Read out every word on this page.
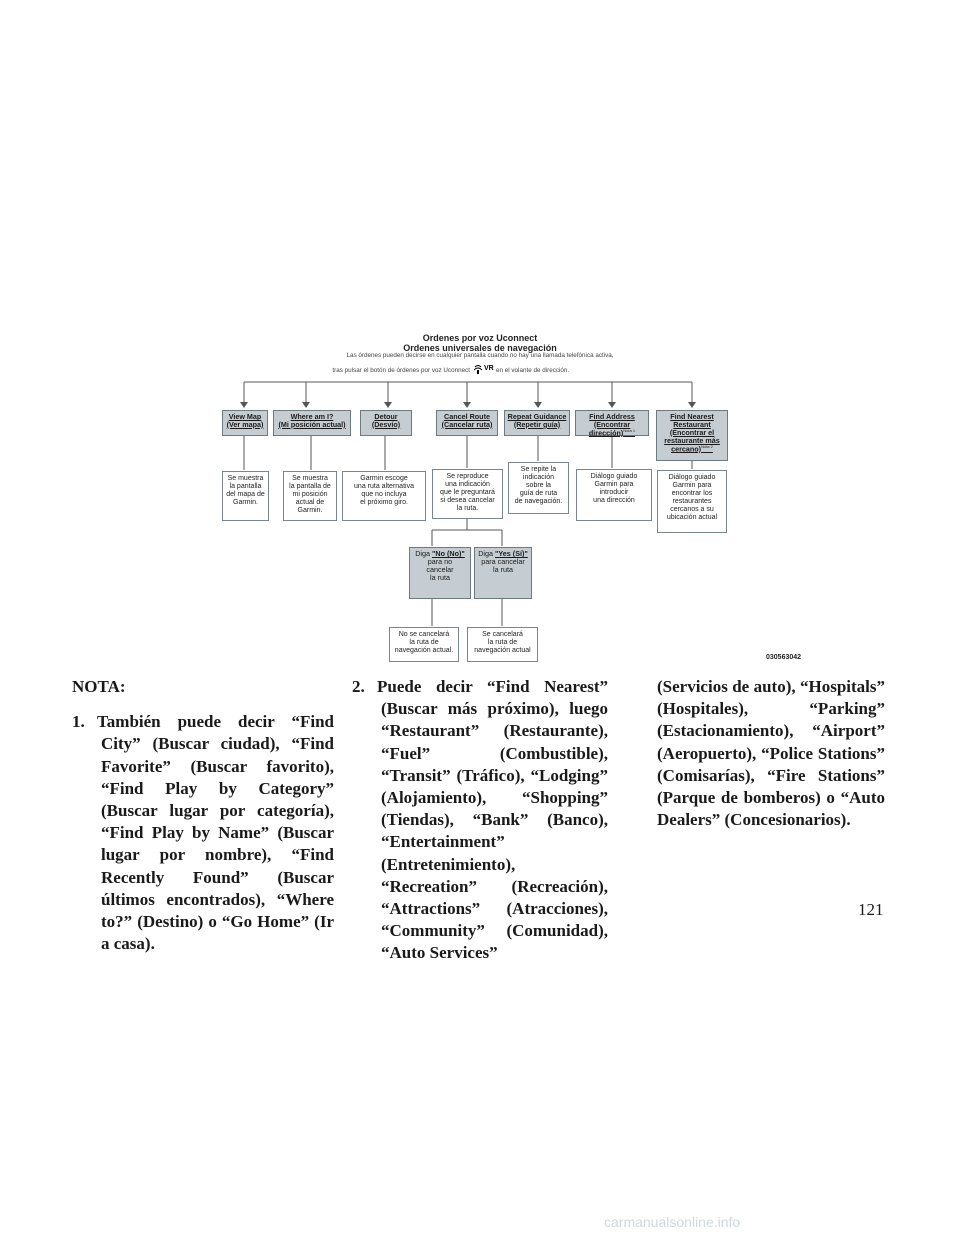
Ordenes por voz Uconnect
Ordenes universales de navegación
Las órdenes pueden decirse en cualquier pantalla cuando no hay una llamada telefónica activa,
tras pulsar el botón de órdenes por voz Uconnect VR en el volante de dirección.
View Map
(Ver mapa)
Where am I?
(Mi posición actual)
Detour
(Desvío)
Cancel Route
(Cancelar ruta)
Repeat Guidance
(Repetir guía)
Find Address
(Encontrar dirección)$^{Nota 1}$
Find Nearest Restaurant
(Encontrar el restaurante más cercano)$^{Nota 2}$
Se muestra
la pantalla
del mapa de
Garmin.
Se muestra
la pantalla de
mi posición
actual de
Garmin.
Garmin escoge
una ruta alternativa
que no incluya
el próximo giro.
Se reproduce
una indicación
que le preguntará
si desea cancelar
la ruta.
Se repite la
indicación
sobre la
guía de ruta
de navegación.
Diálogo guiado
Garmin para
introducir
una dirección
Diálogo guiado
Garmin para
encontrar los
restaurantes
cercanos a su
ubicación actual
Diga "No (No)"
para no
cancelar
la ruta
Diga "Yes (Sí)"
para cancelar
la ruta
No se cancelará
la ruta de
navegación actual.
Se cancelará
la ruta de
navegación actual
030563042
NOTA:
1. También puede decir “Find City” (Buscar ciudad), “Find Favorite” (Buscar favorito), “Find Play by Category” (Buscar lugar por categoría), “Find Play by Name” (Buscar lugar por nombre), “Find Recently Found” (Buscar últimos encontrados), “Where to?” (Destino) o “Go Home” (Ir a casa).
2. Puede decir “Find Nearest” (Buscar más próximo), luego “Restaurant” (Restaurante), “Fuel” (Combustible), “Transit” (Tráfico), “Lodging” (Alojamiento), “Shopping” (Tiendas), “Bank” (Banco), “Entertainment” (Entretenimiento), “Recreation” (Recreación), “Attractions” (Atracciones), “Community” (Comunidad), “Auto Services”

(Servicios de auto), “Hospitals” (Hospitales), “Parking” (Estacionamiento), “Airport” (Aeropuerto), “Police Stations” (Comisarías), “Fire Stations” (Parque de bomberos) o “Auto Dealers” (Concesionarios).

121
carmanualsonline.info
